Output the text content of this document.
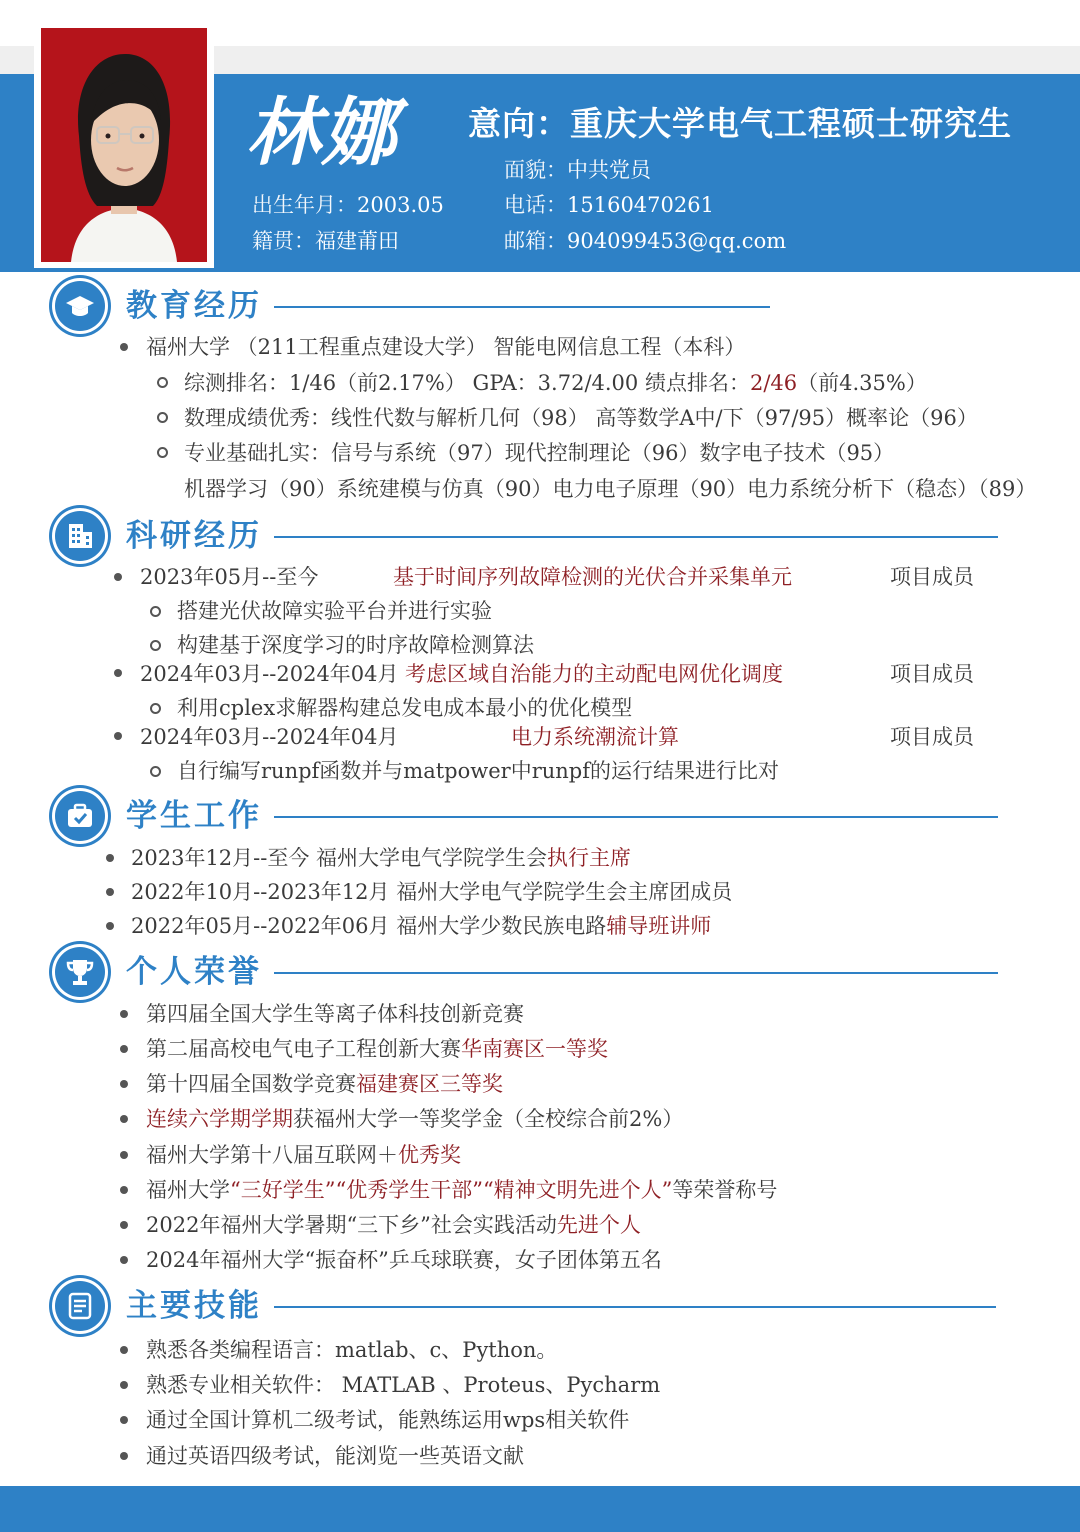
林娜 意向：重庆大学电气工程硕士研究生
出生年月：2003.05
籍贯：福建莆田
面貌：中共党员
电话：15160470261
邮箱：904099453@qq.com
教育经历
福州大学 （211工程重点建设大学） 智能电网信息工程（本科）
综测排名：1/46（前2.17%） GPA：3.72/4.00 绩点排名：2/46（前4.35%）
数理成绩优秀：线性代数与解析几何（98） 高等数学A中/下（97/95）概率论（96）
专业基础扎实：信号与系统（97）现代控制理论（96）数字电子技术（95）
机器学习（90）系统建模与仿真（90）电力电子原理（90）电力系统分析下（稳态）（89）
科研经历
2023年05月--至今	基于时间序列故障检测的光伏合并采集单元	项目成员
搭建光伏故障实验平台并进行实验
构建基于深度学习的时序故障检测算法
2024年03月--2024年04月 考虑区域自治能力的主动配电网优化调度	项目成员
利用cplex求解器构建总发电成本最小的优化模型
2024年03月--2024年04月	电力系统潮流计算	项目成员
自行编写runpf函数并与matpower中runpf的运行结果进行比对
学生工作
2023年12月--至今 福州大学电气学院学生会执行主席
2022年10月--2023年12月 福州大学电气学院学生会主席团成员
2022年05月--2022年06月 福州大学少数民族电路辅导班讲师
个人荣誉
第四届全国大学生等离子体科技创新竞赛
第二届高校电气电子工程创新大赛华南赛区一等奖
第十四届全国数学竞赛福建赛区三等奖
连续六学期学期获福州大学一等奖学金（全校综合前2%）
福州大学第十八届互联网＋优秀奖
福州大学“三好学生”“优秀学生干部”“精神文明先进个人”等荣誉称号
2022年福州大学暑期“三下乡”社会实践活动先进个人
2024年福州大学“振奋杯”乒乓球联赛，女子团体第五名
主要技能
熟悉各类编程语言：matlab、c、Python。
熟悉专业相关软件： MATLAB 、Proteus、Pycharm
通过全国计算机二级考试，能熟练运用wps相关软件
通过英语四级考试，能浏览一些英语文献
